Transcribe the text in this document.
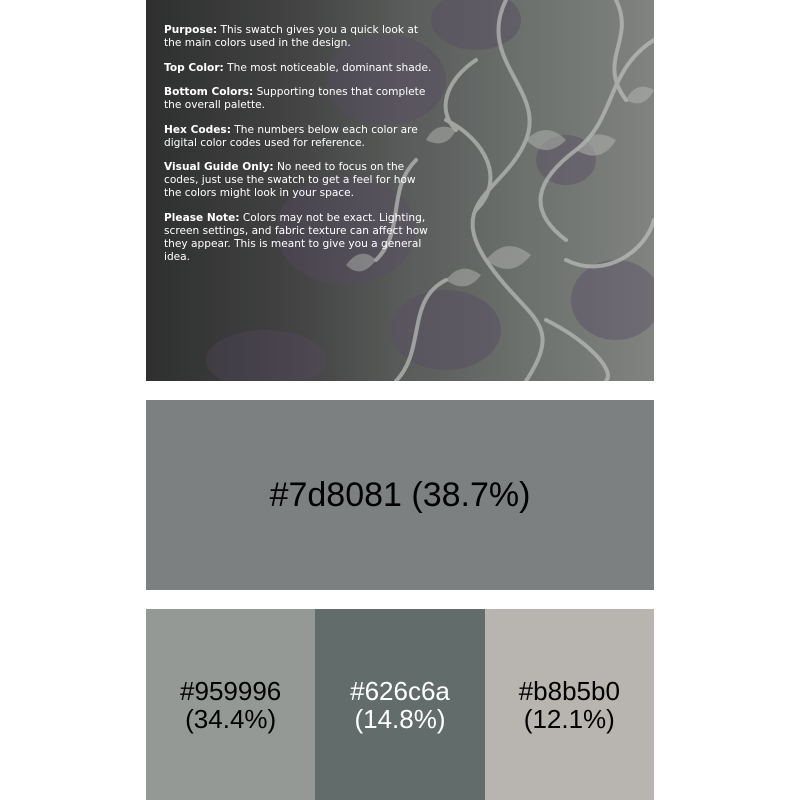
Purpose: This swatch gives you a quick look at the main colors used in the design.

Top Color: The most noticeable, dominant shade.

Bottom Colors: Supporting tones that complete the overall palette.

Hex Codes: The numbers below each color are digital color codes used for reference.

Visual Guide Only: No need to focus on the codes, just use the swatch to get a feel for how the colors might look in your space.

Please Note: Colors may not be exact. Lighting, screen settings, and fabric texture can affect how they appear. This is meant to give you a general idea.

#7d8081 (38.7%)
#959996
(34.4%)
#626c6a
(14.8%)
#b8b5b0
(12.1%)
